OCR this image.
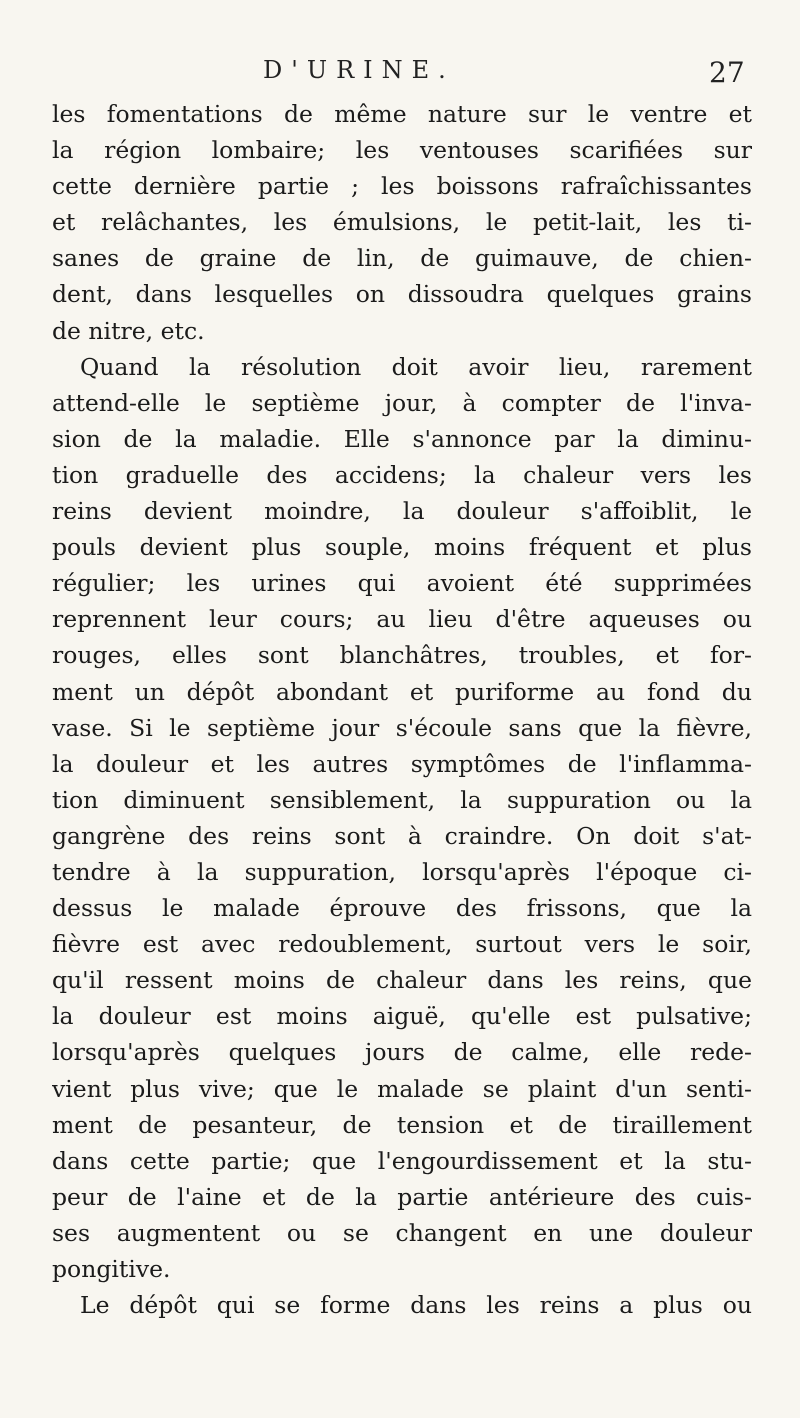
D'URINE.	27
les fomentations de même nature sur le ventre et
la région lombaire; les ventouses scarifiées sur
cette dernière partie ; les boissons rafraîchissantes
et relâchantes, les émulsions, le petit-lait, les ti-
sanes de graine de lin, de guimauve, de chien-
dent, dans lesquelles on dissoudra quelques grains
de nitre, etc.
Quand la résolution doit avoir lieu, rarement
attend-elle le septième jour, à compter de l'inva-
sion de la maladie. Elle s'annonce par la diminu-
tion graduelle des accidens; la chaleur vers les
reins devient moindre, la douleur s'affoiblit, le
pouls devient plus souple, moins fréquent et plus
régulier; les urines qui avoient été supprimées
reprennent leur cours; au lieu d'être aqueuses ou
rouges, elles sont blanchâtres, troubles, et for-
ment un dépôt abondant et puriforme au fond du
vase. Si le septième jour s'écoule sans que la fièvre,
la douleur et les autres symptômes de l'inflamma-
tion diminuent sensiblement, la suppuration ou la
gangrène des reins sont à craindre. On doit s'at-
tendre à la suppuration, lorsqu'après l'époque ci-
dessus le malade éprouve des frissons, que la
fièvre est avec redoublement, surtout vers le soir,
qu'il ressent moins de chaleur dans les reins, que
la douleur est moins aiguë, qu'elle est pulsative;
lorsqu'après quelques jours de calme, elle rede-
vient plus vive; que le malade se plaint d'un senti-
ment de pesanteur, de tension et de tiraillement
dans cette partie; que l'engourdissement et la stu-
peur de l'aine et de la partie antérieure des cuis-
ses augmentent ou se changent en une douleur
pongitive.
Le dépôt qui se forme dans les reins a plus ou
